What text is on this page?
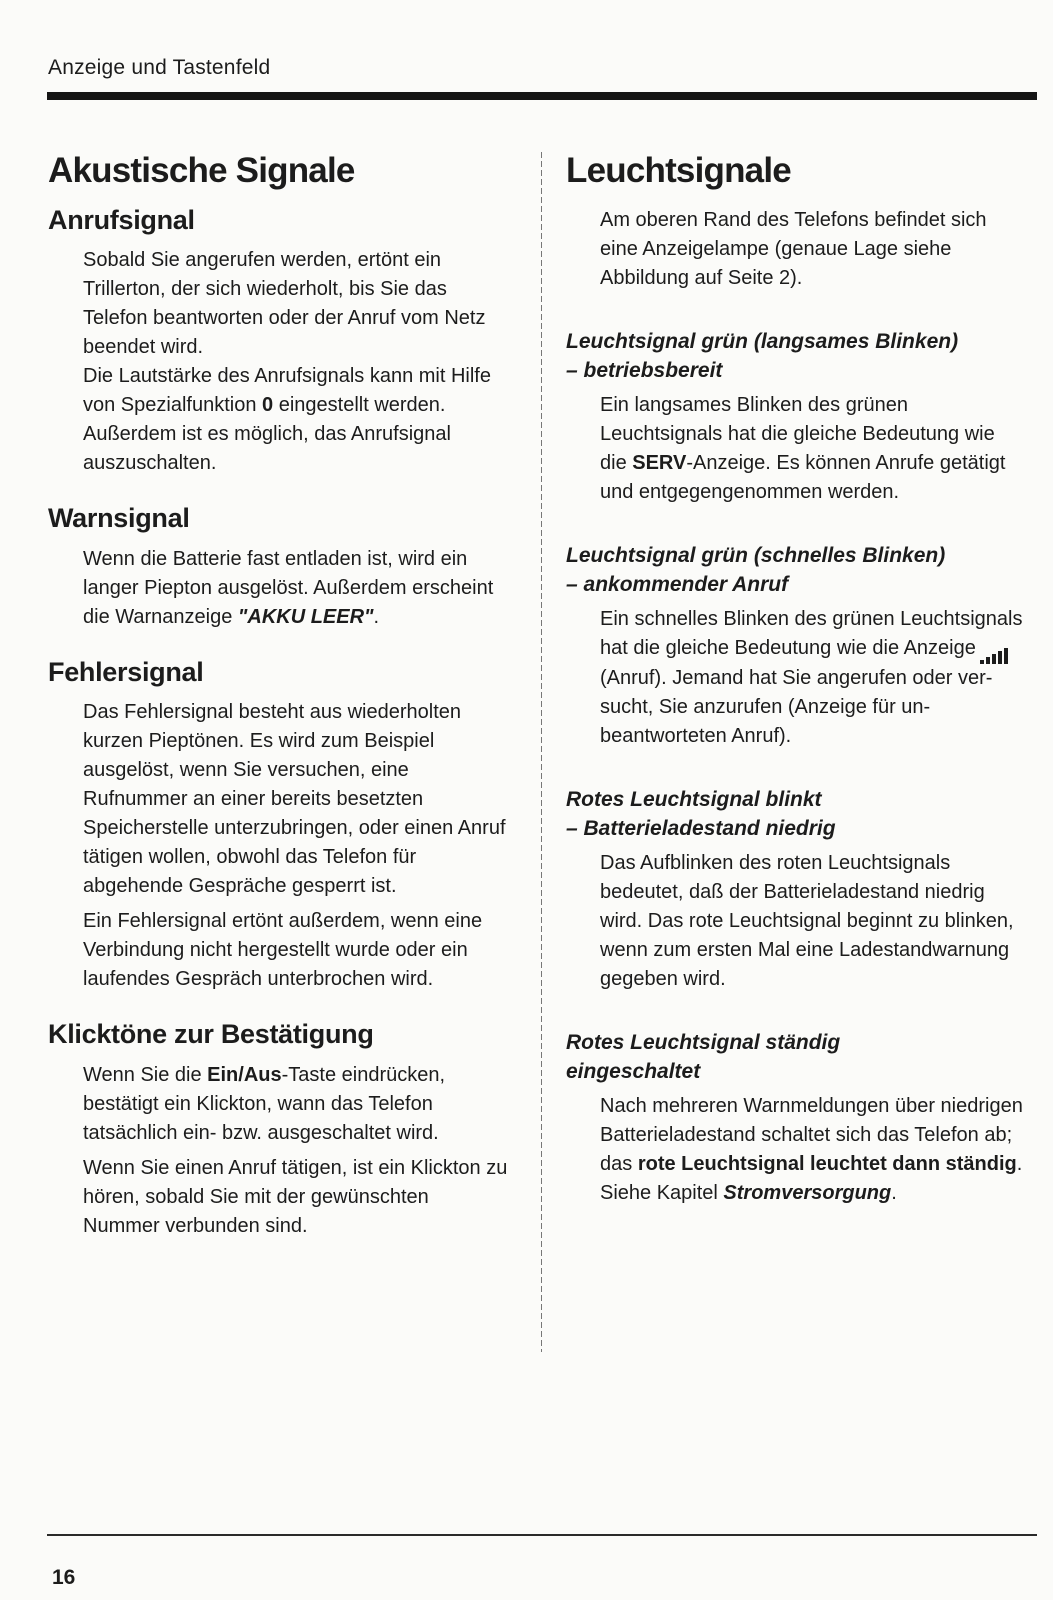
Anzeige und Tastenfeld
Akustische Signale
Anrufsignal

Sobald Sie angerufen werden, ertönt ein Trillerton, der sich wiederholt, bis Sie das Telefon beantworten oder der Anruf vom Netz beendet wird.

Die Lautstärke des Anrufsignals kann mit Hilfe von Spezialfunktion 0 eingestellt werden. Außerdem ist es möglich, das Anrufsignal auszuschalten.

Warnsignal

Wenn die Batterie fast entladen ist, wird ein langer Piepton ausgelöst. Außerdem erscheint die Warnanzeige "AKKU LEER".

Fehlersignal

Das Fehlersignal besteht aus wiederholten kurzen Pieptönen. Es wird zum Beispiel ausgelöst, wenn Sie versuchen, eine Rufnummer an einer bereits besetzten Speicherstelle unterzubringen, oder einen Anruf tätigen wollen, obwohl das Telefon für abgehende Gespräche gesperrt ist.

Ein Fehlersignal ertönt außerdem, wenn eine Verbindung nicht hergestellt wurde oder ein laufendes Gespräch unterbrochen wird.

Klicktöne zur Bestätigung

Wenn Sie die Ein/Aus-Taste eindrücken, bestätigt ein Klickton, wann das Telefon tatsächlich ein- bzw. ausgeschaltet wird.

Wenn Sie einen Anruf tätigen, ist ein Klickton zu hören, sobald Sie mit der gewünschten Nummer verbunden sind.

Leuchtsignale

Am oberen Rand des Telefons befindet sich eine Anzeigelampe (genaue Lage siehe Abbildung auf Seite 2).

Leuchtsignal grün (langsames Blinken)
– betriebsbereit

Ein langsames Blinken des grünen Leuchtsignals hat die gleiche Bedeutung wie die SERV-Anzeige. Es können Anrufe getätigt und entgegengenommen werden.

Leuchtsignal grün (schnelles Blinken)
– ankommender Anruf

Ein schnelles Blinken des grünen Leuchtsignals hat die gleiche Bedeutung wie die Anzeige(Anruf). Jemand hat Sie angerufen oder versucht, Sie anzurufen (Anzeige für unbeantworteten Anruf).

Rotes Leuchtsignal blinkt
– Batterieladestand niedrig

Das Aufblinken des roten Leuchtsignals bedeutet, daß der Batterieladestand niedrig wird. Das rote Leuchtsignal beginnt zu blinken, wenn zum ersten Mal eine Ladestandwarnung gegeben wird.

Rotes Leuchtsignal ständig
eingeschaltet

Nach mehreren Warnmeldungen über niedrigen Batterieladestand schaltet sich das Telefon ab; das rote Leuchtsignal leuchtet dann ständig. Siehe Kapitel Stromversorgung.

16
